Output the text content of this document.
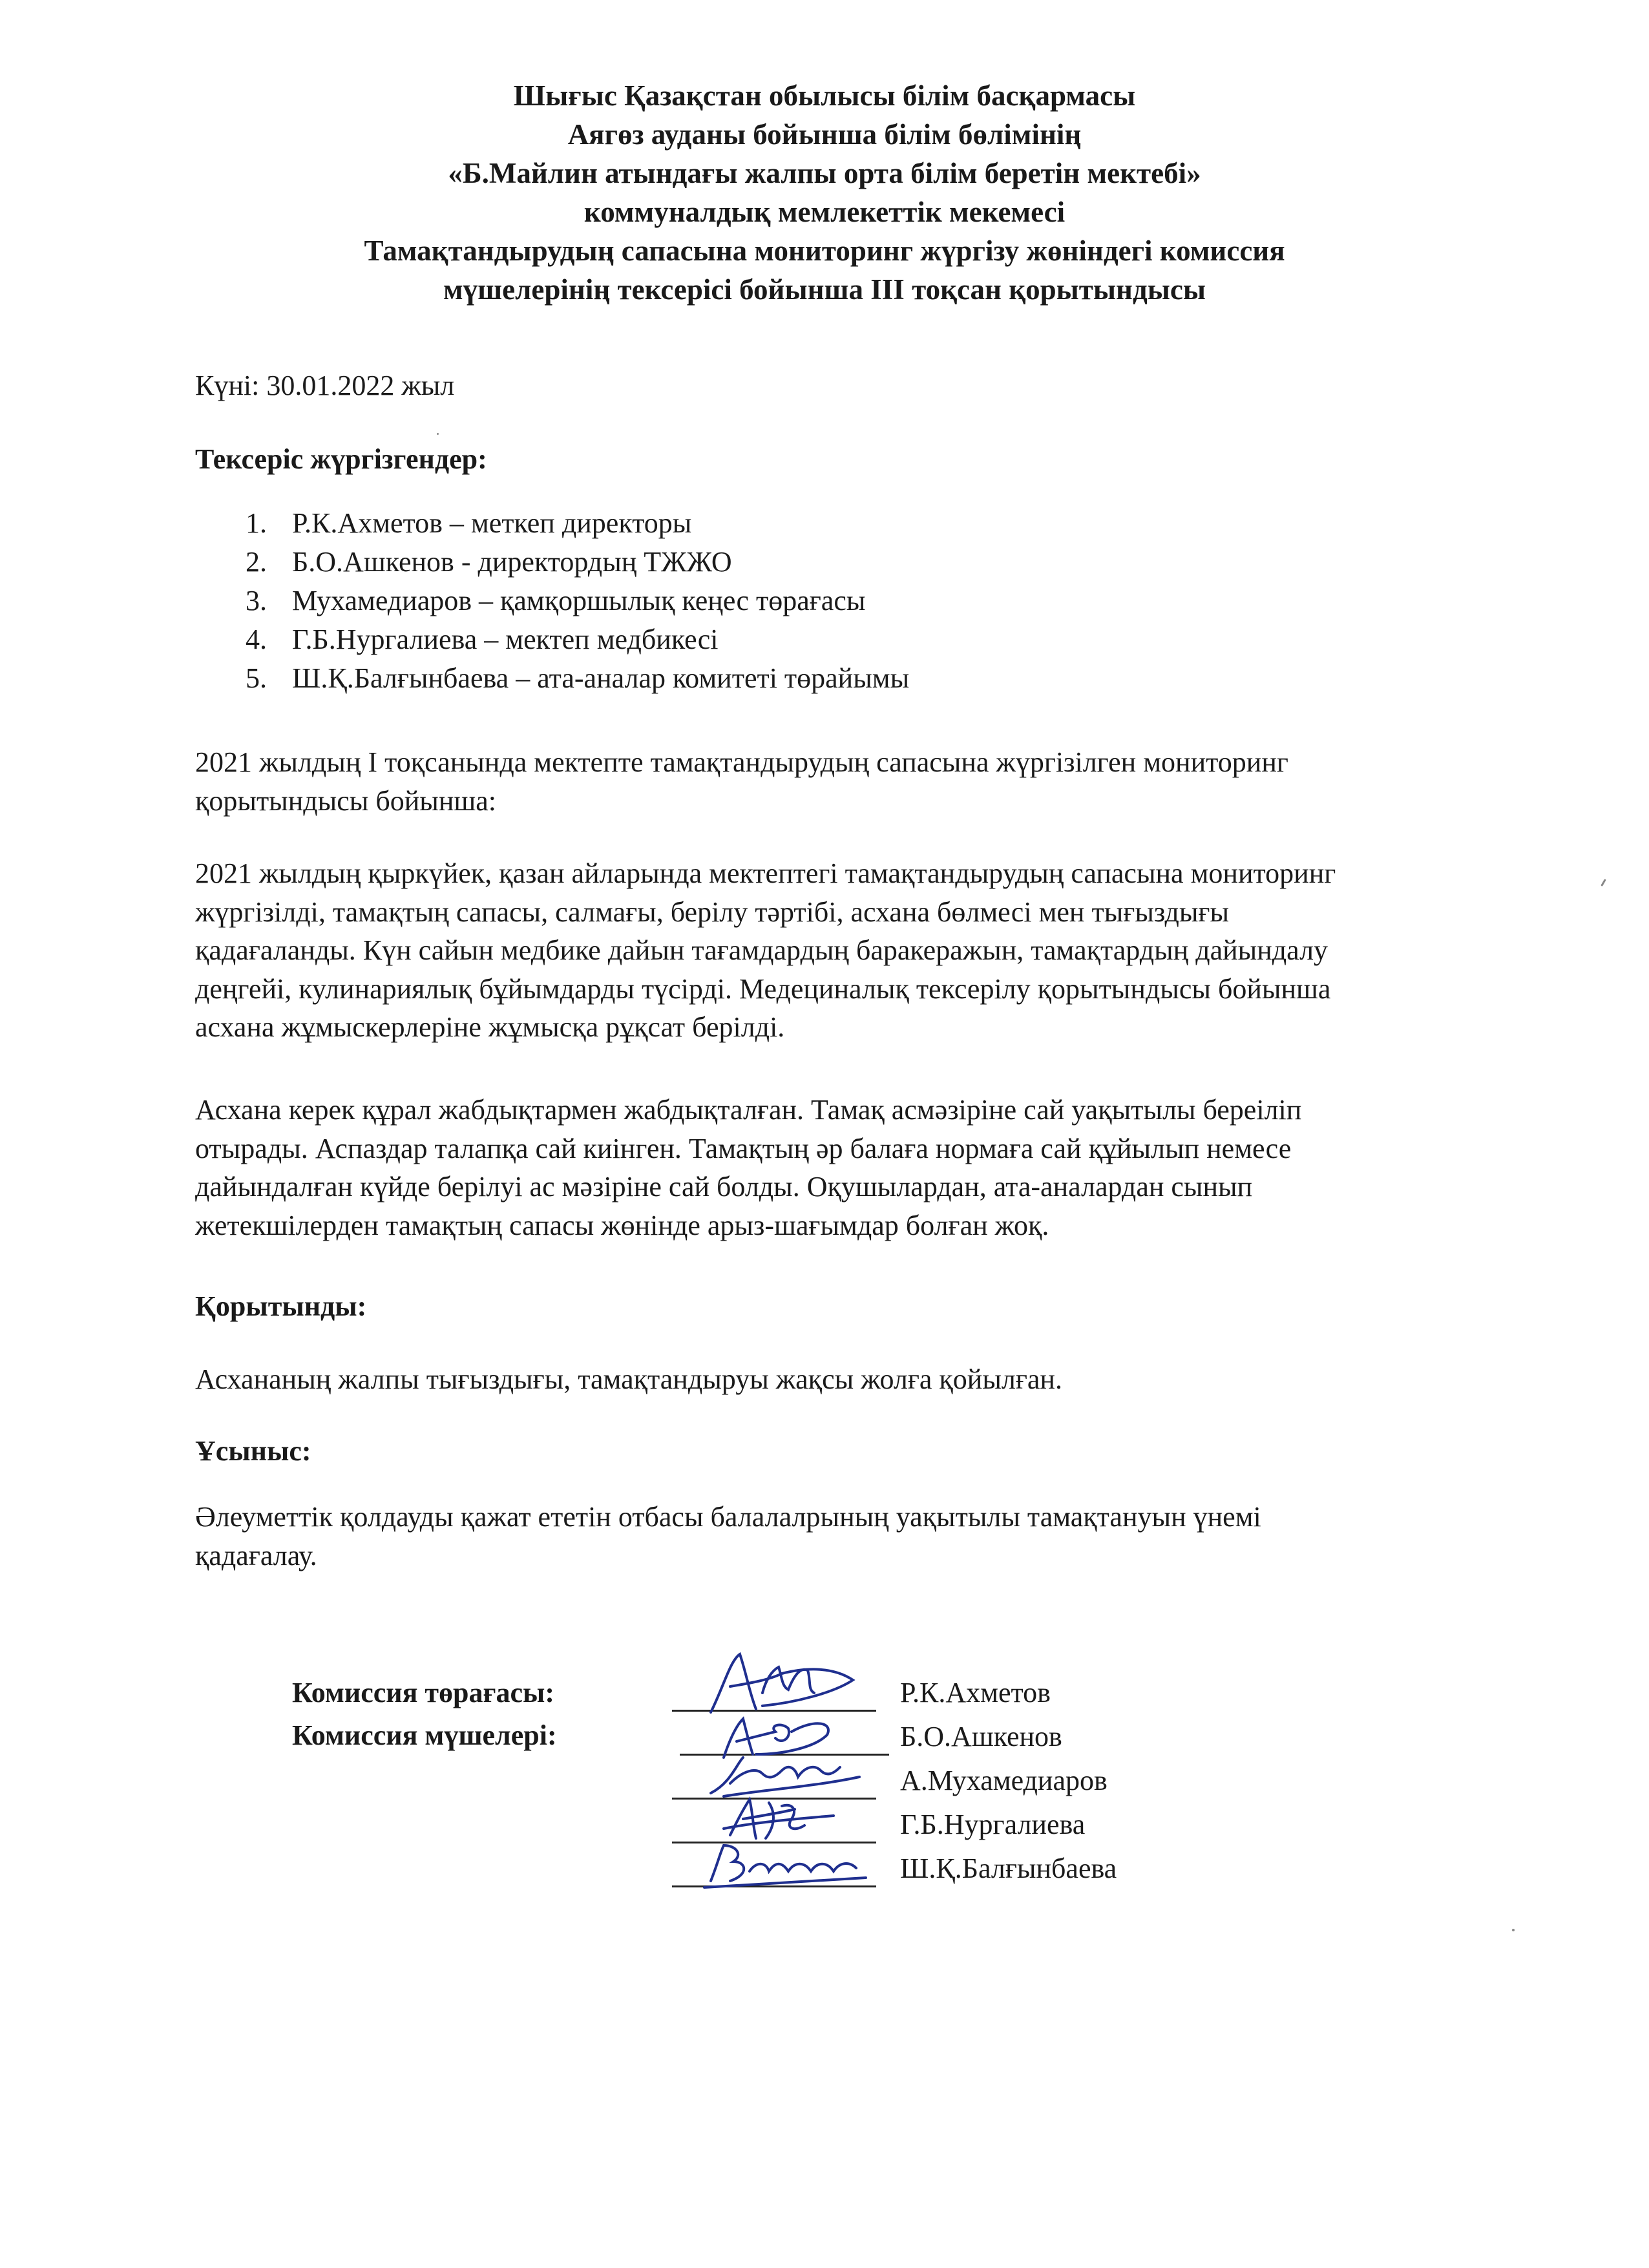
Шығыс Қазақстан обылысы білім басқармасы
Аягөз ауданы бойынша білім бөлімінің
«Б.Майлин атындағы жалпы орта білім беретін мектебі»
коммуналдық мемлекеттік мекемесі
Тамақтандырудың сапасына мониторинг жүргізу жөніндегі комиссия
мүшелерінің тексерісі бойынша ІІІ тоқсан қорытындысы
Күні: 30.01.2022 жыл
Тексеріс жүргізгендер:
1. Р.К.Ахметов – меткеп директоры
2. Б.О.Ашкенов - директордың ТЖЖО
3. Мухамедиаров – қамқоршылық кеңес төрағасы
4. Г.Б.Нургалиева – мектеп медбикесі
5. Ш.Қ.Балғынбаева – ата-аналар комитеті төрайымы
2021 жылдың І тоқсанында мектепте тамақтандырудың сапасына жүргізілген мониторинг
қорытындысы бойынша:
2021 жылдың қыркүйек, қазан айларында мектептегі тамақтандырудың сапасына мониторинг
жүргізілді, тамақтың сапасы, салмағы, берілу тәртібі, асхана бөлмесі мен тығыздығы
қадағаланды. Күн сайын медбике дайын тағамдардың баракеражын, тамақтардың дайындалу
деңгейі, кулинариялық бұйымдарды түсірді. Медециналық тексерілу қорытындысы бойынша
асхана жұмыскерлеріне жұмысқа рұқсат берілді.
Асхана керек құрал жабдықтармен жабдықталған. Тамақ асмәзіріне сай уақытылы береіліп
отырады. Аспаздар талапқа сай киінген. Тамақтың әр балаға нормаға сай құйылып немесе
дайындалған күйде берілуі ас мәзіріне сай болды. Оқушылардан, ата-аналардан сынып
жетекшілерден тамақтың сапасы жөнінде арыз-шағымдар болған жоқ.
Қорытынды:
Асхананың жалпы тығыздығы, тамақтандыруы жақсы жолға қойылған.
Ұсыныс:
Әлеуметтік қолдауды қажат ететін отбасы балалалрының уақытылы тамақтануын үнемі
қадағалау.
Комиссия төрағасы:
Комиссия мүшелері:
Р.К.Ахметов
Б.О.Ашкенов
А.Мухамедиаров
Г.Б.Нургалиева
Ш.Қ.Балғынбаева
